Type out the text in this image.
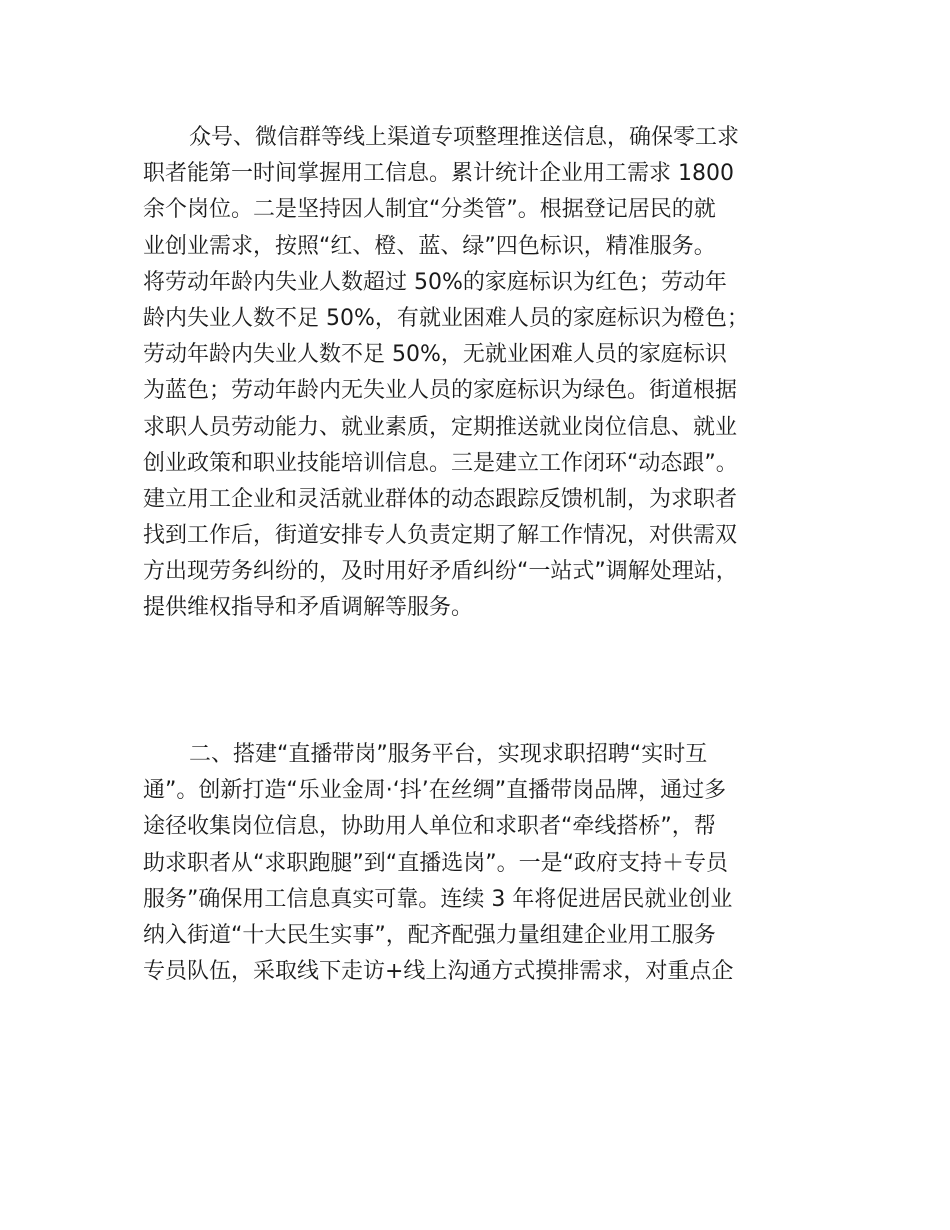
众号、微信群等线上渠道专项整理推送信息，确保零工求
职者能第一时间掌握用工信息。累计统计企业用工需求 1800
余个岗位。二是坚持因人制宜“分类管”。根据登记居民的就
业创业需求，按照“红、橙、蓝、绿”四色标识，精准服务。
将劳动年龄内失业人数超过 50%的家庭标识为红色；劳动年
龄内失业人数不足 50%，有就业困难人员的家庭标识为橙色；
劳动年龄内失业人数不足 50%，无就业困难人员的家庭标识
为蓝色；劳动年龄内无失业人员的家庭标识为绿色。街道根据
求职人员劳动能力、就业素质，定期推送就业岗位信息、就业
创业政策和职业技能培训信息。三是建立工作闭环“动态跟”。
建立用工企业和灵活就业群体的动态跟踪反馈机制，为求职者
找到工作后，街道安排专人负责定期了解工作情况，对供需双
方出现劳务纠纷的，及时用好矛盾纠纷“一站式”调解处理站，
提供维权指导和矛盾调解等服务。
二、搭建“直播带岗”服务平台，实现求职招聘“实时互
通”。创新打造“乐业金周·‘抖’在丝绸”直播带岗品牌，通过多
途径收集岗位信息，协助用人单位和求职者“牵线搭桥”，帮
助求职者从“求职跑腿”到“直播选岗”。一是“政府支持＋专员
服务”确保用工信息真实可靠。连续 3 年将促进居民就业创业
纳入街道“十大民生实事”，配齐配强力量组建企业用工服务
专员队伍，采取线下走访+线上沟通方式摸排需求，对重点企
